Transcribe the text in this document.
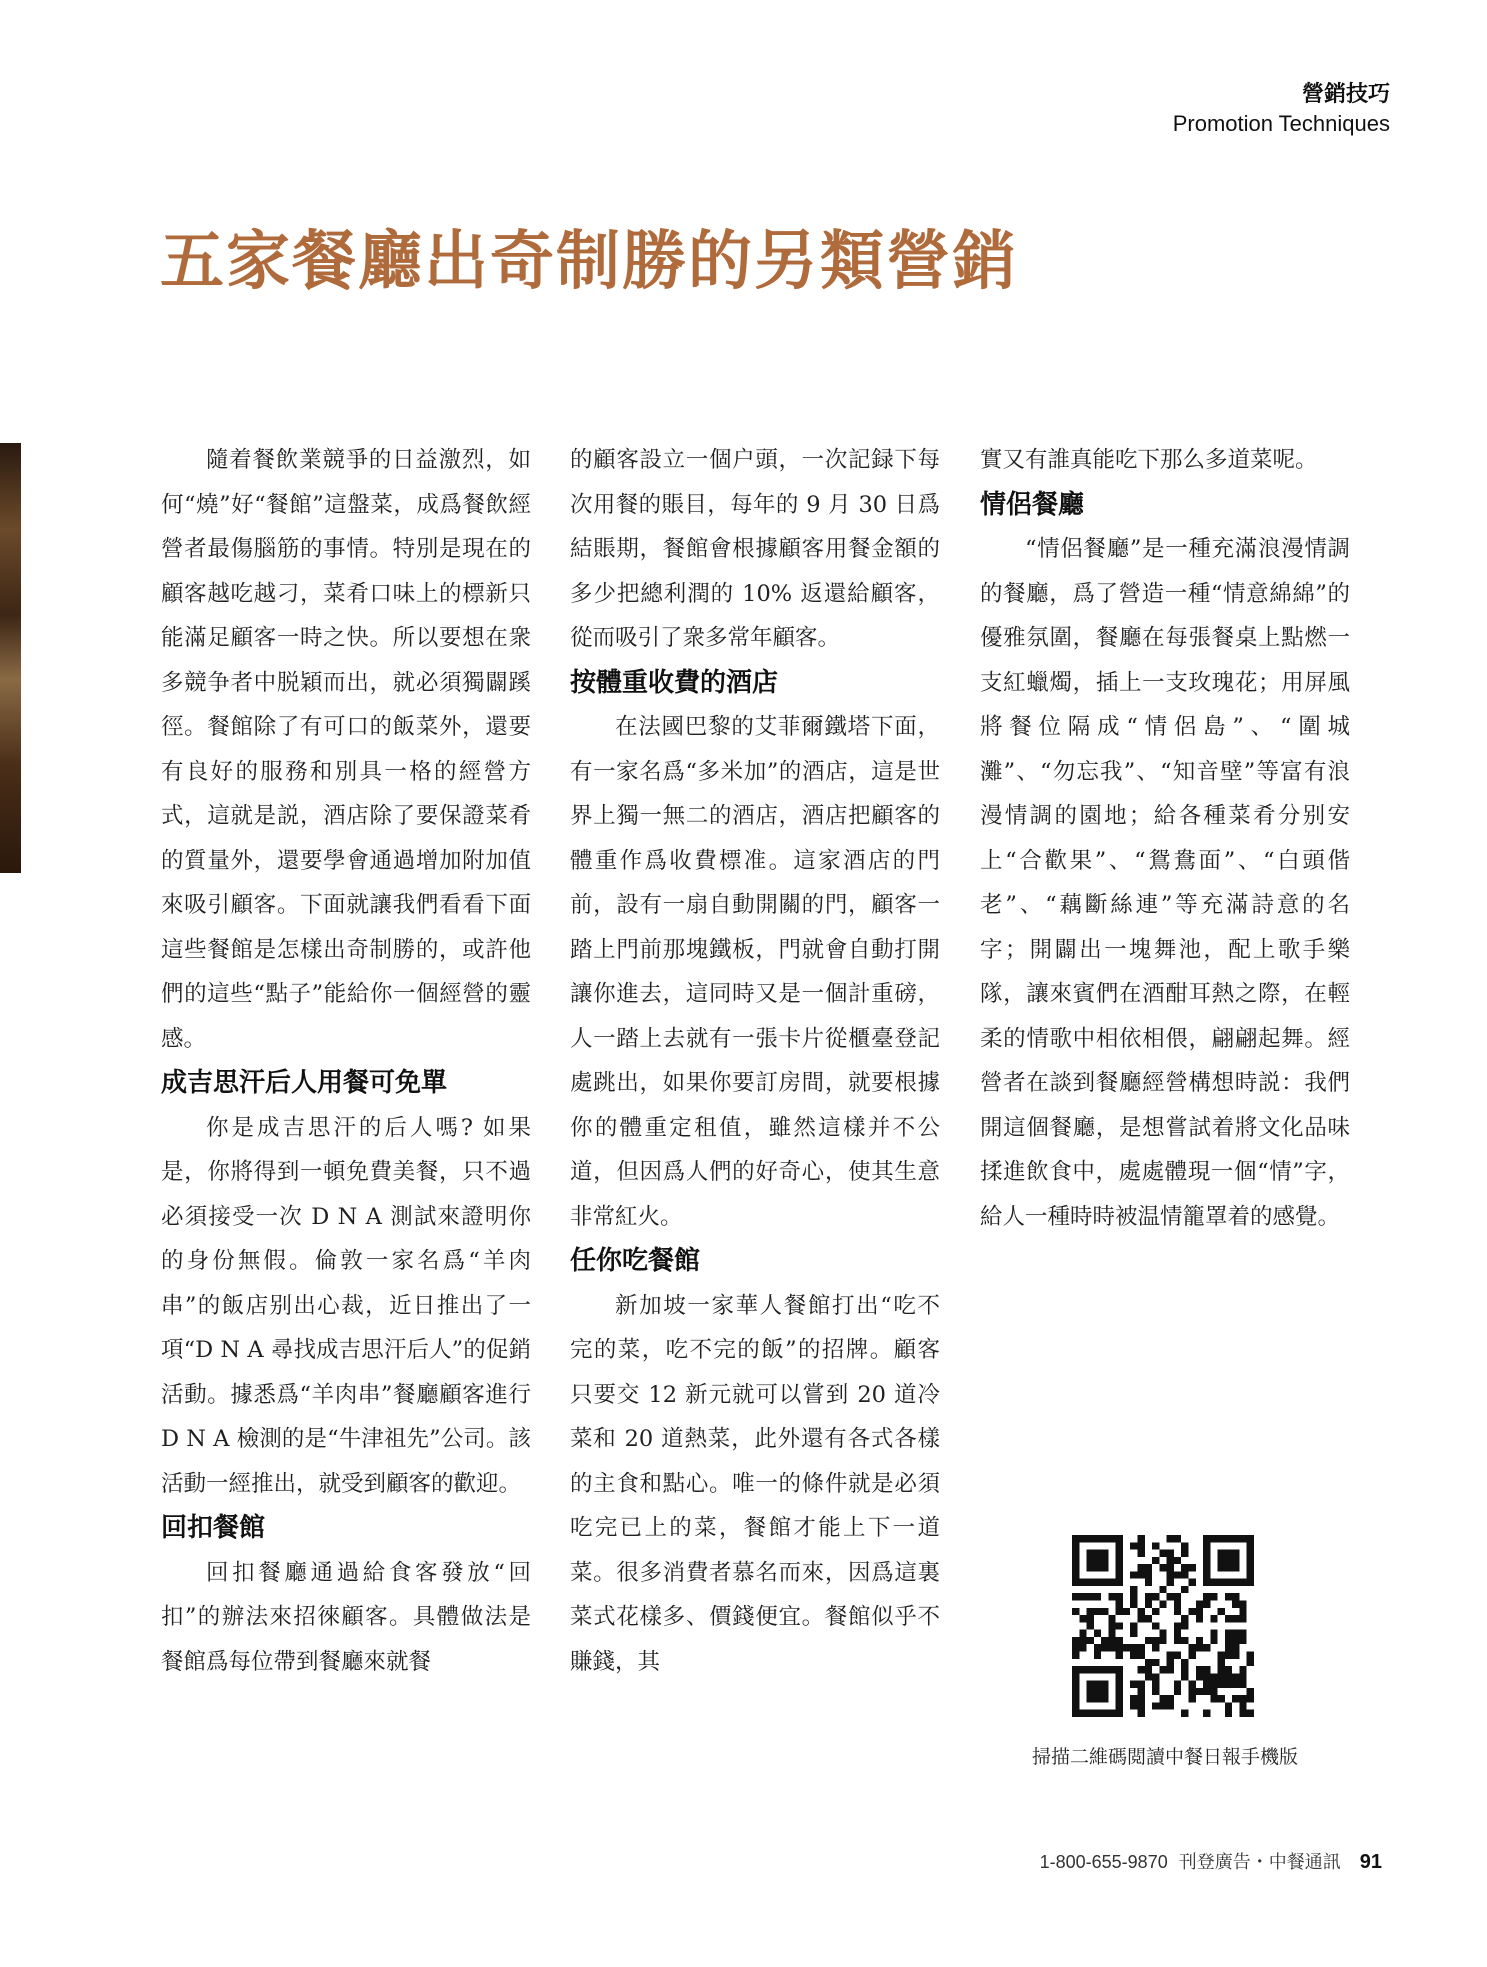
營銷技巧
Promotion Techniques
五家餐廳出奇制勝的另類營銷

隨着餐飲業競爭的日益激烈，如何“燒”好“餐館”這盤菜，成爲餐飲經營者最傷腦筋的事情。特別是現在的顧客越吃越刁，菜肴口味上的標新只能滿足顧客一時之快。所以要想在衆多競争者中脱穎而出，就必須獨闢蹊徑。餐館除了有可口的飯菜外，還要有良好的服務和別具一格的經營方式，這就是説，酒店除了要保證菜肴的質量外，還要學會通過增加附加值來吸引顧客。下面就讓我們看看下面這些餐館是怎樣出奇制勝的，或許他們的這些“點子”能給你一個經營的靈感。

成吉思汗后人用餐可免單

你是成吉思汗的后人嗎? 如果是，你將得到一頓免費美餐，只不過必須接受一次 D N A 測試來證明你的身份無假。倫敦一家名爲“羊肉串”的飯店别出心裁，近日推出了一項“D N A 尋找成吉思汗后人”的促銷活動。據悉爲“羊肉串”餐廳顧客進行 D N A 檢測的是“牛津祖先”公司。該活動一經推出，就受到顧客的歡迎。

回扣餐館

回扣餐廳通過給食客發放“回扣”的辦法來招徠顧客。具體做法是餐館爲每位帶到餐廳來就餐

的顧客設立一個户頭，一次記録下每次用餐的賬目，每年的 9 月 30 日爲結賬期，餐館會根據顧客用餐金額的多少把總利潤的 10% 返還給顧客，從而吸引了衆多常年顧客。

按體重收費的酒店

在法國巴黎的艾菲爾鐵塔下面，有一家名爲“多米加”的酒店，這是世界上獨一無二的酒店，酒店把顧客的體重作爲收費標准。這家酒店的門前，設有一扇自動開關的門，顧客一踏上門前那塊鐵板，門就會自動打開讓你進去，這同時又是一個計重磅，人一踏上去就有一張卡片從櫃臺登記處跳出，如果你要訂房間，就要根據你的體重定租值，雖然這樣并不公道，但因爲人們的好奇心，使其生意非常紅火。

任你吃餐館

新加坡一家華人餐館打出“吃不完的菜，吃不完的飯”的招牌。顧客只要交 12 新元就可以嘗到 20 道冷菜和 20 道熱菜，此外還有各式各樣的主食和點心。唯一的條件就是必須吃完已上的菜，餐館才能上下一道菜。很多消費者慕名而來，因爲這裏菜式花樣多、價錢便宜。餐館似乎不賺錢，其

實又有誰真能吃下那么多道菜呢。

情侶餐廳

“情侶餐廳”是一種充滿浪漫情調的餐廳，爲了營造一種“情意綿綿”的優雅氛圍，餐廳在每張餐桌上點燃一支紅蠟燭，插上一支玫瑰花；用屏風將餐位隔成“情侶島”、“圍城灘”、“勿忘我”、“知音壁”等富有浪漫情調的園地；給各種菜肴分别安上“合歡果”、“鴛鴦面”、“白頭偕老”、“藕斷絲連”等充滿詩意的名字；開闢出一塊舞池，配上歌手樂隊，讓來賓們在酒酣耳熱之際，在輕柔的情歌中相依相偎，翩翩起舞。經營者在談到餐廳經營構想時説：我們開這個餐廳，是想嘗試着將文化品味揉進飲食中，處處體現一個“情”字，給人一種時時被温情籠罩着的感覺。

掃描二維碼閲讀中餐日報手機版
1-800-655-9870 刊登廣告・中餐通訊 91
